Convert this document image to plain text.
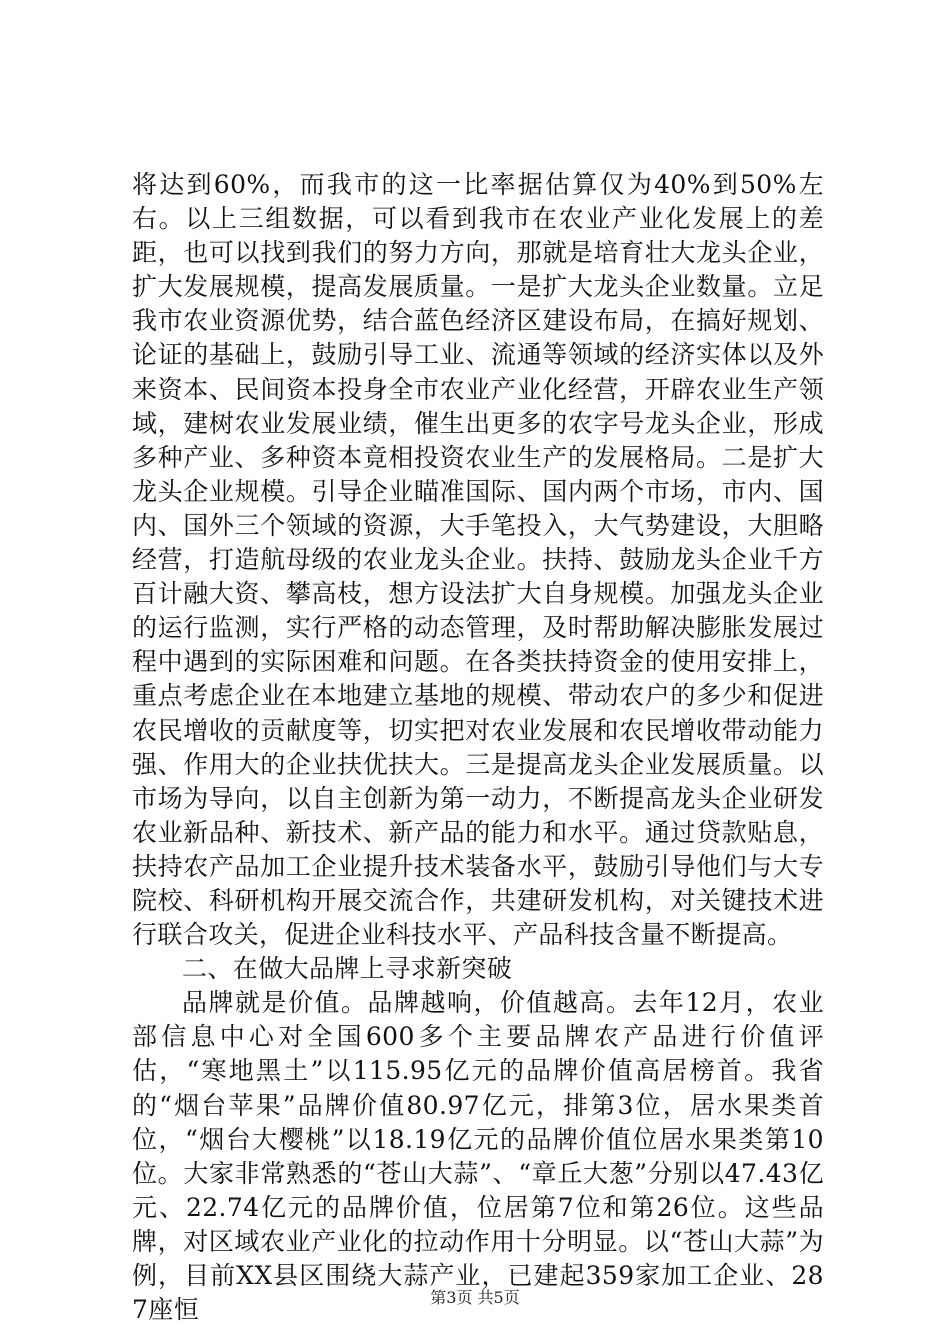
将达到60%，而我市的这一比率据估算仅为40%到50%左右。以上三组数据，可以看到我市在农业产业化发展上的差距，也可以找到我们的努力方向，那就是培育壮大龙头企业，扩大发展规模，提高发展质量。一是扩大龙头企业数量。立足我市农业资源优势，结合蓝色经济区建设布局，在搞好规划、论证的基础上，鼓励引导工业、流通等领域的经济实体以及外来资本、民间资本投身全市农业产业化经营，开辟农业生产领域，建树农业发展业绩，催生出更多的农字号龙头企业，形成多种产业、多种资本竟相投资农业生产的发展格局。二是扩大龙头企业规模。引导企业瞄准国际、国内两个市场，市内、国内、国外三个领域的资源，大手笔投入，大气势建设，大胆略经营，打造航母级的农业龙头企业。扶持、鼓励龙头企业千方百计融大资、攀高枝，想方设法扩大自身规模。加强龙头企业的运行监测，实行严格的动态管理，及时帮助解决膨胀发展过程中遇到的实际困难和问题。在各类扶持资金的使用安排上，重点考虑企业在本地建立基地的规模、带动农户的多少和促进农民增收的贡献度等，切实把对农业发展和农民增收带动能力强、作用大的企业扶优扶大。三是提高龙头企业发展质量。以市场为导向，以自主创新为第一动力，不断提高龙头企业研发农业新品种、新技术、新产品的能力和水平。通过贷款贴息，扶持农产品加工企业提升技术装备水平，鼓励引导他们与大专院校、科研机构开展交流合作，共建研发机构，对关键技术进行联合攻关，促进企业科技水平、产品科技含量不断提高。

二、在做大品牌上寻求新突破

品牌就是价值。品牌越响，价值越高。去年12月，农业部信息中心对全国600多个主要品牌农产品进行价值评估，“寒地黑土”以115.95亿元的品牌价值高居榜首。我省的“烟台苹果”品牌价值80.97亿元，排第3位，居水果类首位，“烟台大樱桃”以18.19亿元的品牌价值位居水果类第10位。大家非常熟悉的“苍山大蒜”、“章丘大葱”分别以47.43亿元、22.74亿元的品牌价值，位居第7位和第26位。这些品牌，对区域农业产业化的拉动作用十分明显。以“苍山大蒜”为例，目前XX县区围绕大蒜产业，已建起359家加工企业、287座恒	第3页 共5页
